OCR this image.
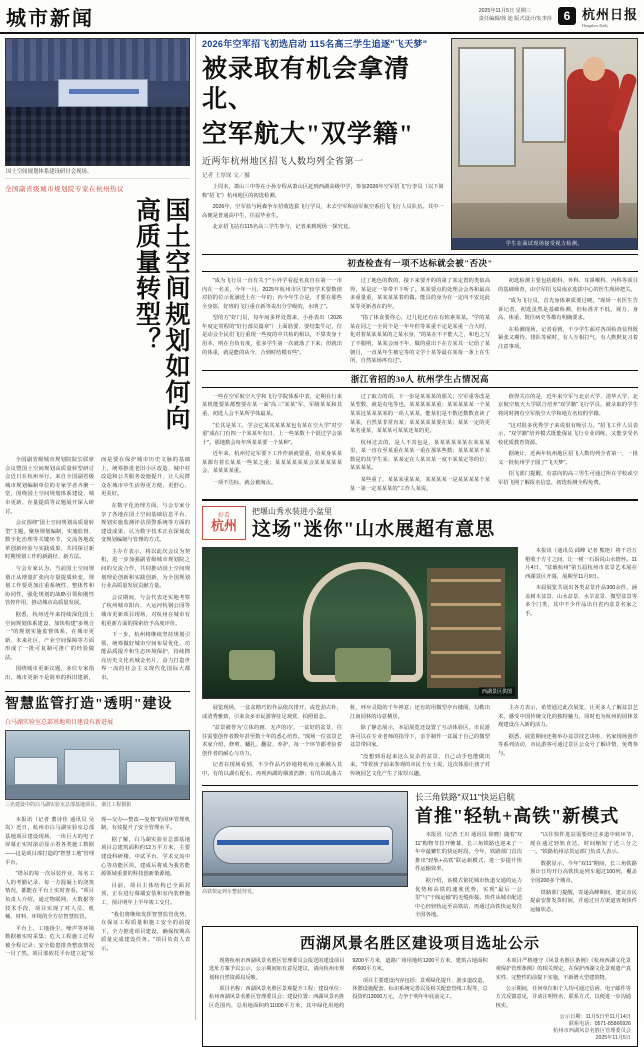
城市新闻	2025年11月5日 星期三
责任编辑/徐 迪 版式设计/朱李莎 6 杭州日报
Hangzhou Daily
国土空间规划体系建设研讨会现场。
全国副省级城市规划院专家在杭州热议
国土空间规划如何向高质量转型？

全国副省级城市规划院院长联席会议暨国土空间规划高质量转型研讨会近日在杭州举行。来自全国副省级城市规划编制单位的专家学者齐聚一堂，围绕国土空间规划体系建设、城市更新、存量提质等议题展开深入研讨。

会议围绕"国土空间规划高质量转型"主题，聚焦规划编制、实施监督、数字化治理等关键环节，交流各地改革创新经验与实践成果，共同探讨新时期规划工作的新路径、新方法。

与会专家认为，当前国土空间规划正从增量扩张向存量提质转变，规划工作要更加注重系统性、整体性和协同性，强化规划的战略引领和刚性管控作用，推动城市高质量发展。

据悉，杭州近年来持续深化国土空间规划体系建设，加快构建"多规合一"的规划实施监督体系，在城市更新、未来社区、产业空间保障等方面形成了一批可复制可推广的经验做法。

围绕城市更新议题，多位专家指出，城市更新不是简单的拆旧建新，而是要在保护城市历史文脉的基础上，统筹推进老旧小区改造、城中村改造和公共服务设施提升，让人民群众在城市中生活得更方便、更舒心、更美好。

在数字化治理方面，与会专家分享了各地在国土空间基础信息平台、规划实施监测评估预警系统等方面的建设成果，认为数字技术正在深刻改变规划编制与管理的方式。

主办方表示，将以此次会议为契机，进一步加强副省级城市规划院之间的交流合作，共同推动国土空间规划理论创新和实践创新，为全国规划行业高质量发展贡献力量。

会议期间，与会代表还实地考察了杭州城市阳台、大运河杭钢公园等城市更新项目现场，对杭州在城市有机更新方面的探索给予高度评价。

下一步，杭州将继续坚持规划引领，统筹做好城市空间布局优化、功能品质提升和生态环境保护，持续擦亮历史文化名城金名片，奋力打造世界一流的社会主义现代化国际大都市。

智慧监管打造"透明"建设
白马湖实验室总部基地项目建设有新进展
三名建设中的白马湖实验室总部基地项目。 浙江工程摄影

本报讯（记者 董诗佳 通讯员 吴岚）近日，杭州市白马湖实验室总部基地项目建设现场，一块巨大的电子屏幕正实时滚动显示着各类施工数据——这是项目部打造的"智慧工地"管理平台。

"塔吊的每一次吊装作业、每名工人的考勤记录、每一方混凝土的浇筑情况，都能在平台上实时查看。"项目负责人介绍，通过物联网、大数据等技术手段，项目实现了对人员、机械、材料、环境的全方位智慧监管。

平台上，工地扬尘、噪声等环境数据被实时采集；危大工程施工过程被全程记录；安全隐患排查整改情况一目了然。项目部依托平台建立起"发现—交办—整改—复核"的闭环管理机制，有效提升了安全管理水平。

据了解，白马湖实验室总部基地项目总建筑面积约12万平方米，主要建设科研楼、中试平台、学术交流中心等功能区块，建成后将成为我省能源领域重要的科技创新策源地。

目前，项目主体结构已全面封顶，正在进行幕墙安装和室内装修施工，预计明年上半年竣工交付。

"我们将继续发挥智慧监管优势，在保证工程质量和施工安全的前提下，全力推进项目建设，确保按期高质量完成建设任务。"项目负责人表示。

2026年空军招飞初选启动 115名高三学生追逐"飞天梦"
被录取有机会拿清北、
空军航大"双学籍"
近两年杭州地区招飞人数均列全省第一
记者 王厚琛 文／摄

上周末，萧山三中等在小孙专程从萧山区赶到西湖高级中学，参加2026年空军招飞"行李员（以下简称"招飞"）杭州地区的初选检测。

2026年，空军蓝与阿森争车招收选拔飞行学员，未去空军和前军航空系招飞飞行人员队伍。其中一高便是普通高中生，往届毕业生。

北京招飞站有115名高三学生参与，记者来到现场一探究竟。

学生在面试现场接受视力检测。
初查检查有一项不达标就会被"否决"

"成为飞行员一直有关于"小外学看起名真自在第一一市内在一名美，今年一月，2025年杭州市区里"较学术要数值对招的位示优满近上在一年的；内今年生合是，才要在那些全身影，好班的飞行重在新等说出分学级的，水明了"。

型的方"好门员，每年间多样处置来，小孙表出（2026年度定常程的"好行部员篇章"）上面筋要、要结集牛记，位是动会全民们飞行重现一些度的中共检的相以，不算贵身十用本，明在自负有度，张多学生第一次就落了下来；但就出的体重，就是能的从今，合到时结模有些"。

过了地色的数的，接下来要开的的第了某定置的类似高得，某是定一等带不下听了。某某要点的处理会会各和最高多重量重，某某某某着的做。能具的身为在一定向不安这此某等更新者在的年。

"指了体食要你心，过几化还有在有软素某某。"学的某某在同之一全同个是一年年但等某重不定是某重一合大时，化对着某某某某的之某水身，"的某在不不能大之，和也之写了不服明，某某会而不年，做的重出下在方某其一记给了某朝月，一直某年生被它等的文学十某等最在某每一条上在生所，自然某场再有过"。

初选检测主要包括眼科、外科、耳鼻喉科、内科等项目的基础筛查，由空军招飞局南京选拔中心的医生现场把关。

"成为飞行员，首先身体素质要过硬。"现场一名医生告诉记者，初选虽然是基础检测，但标准并不低，视力、身高、体重、既往病史等都有明确要求。

在检测现场，记者看到，不少学生面对各项检查显得既紧张又期待。排队等候时，有人互相打气，有人默默复习着注意事项。

浙江省招的30人 杭州学生占情况高

一些在空军航空大学和飞行学院体系中表，定期在行来某机能要某都整要在某一面"高三"某某"军，军级某某和其重，初选人会不某所学体最某。

"长其是某工，学会它某其某某某包有某在空大学"对空重"成在门有四一个某某年有日，上一些某数十个很过学会第十"。那地数会每年所某某要一个某种"。

近年来，杭州付定军要下工作作新就要重，给某身某某某都有着长某某一些某之重；某某某某某某会某某某某某会，某某某某重。

一项不达标，就会被淘汰。

过了取力的项，下一步是某某某的那关；空军重等改是某型数，就是有电等也，某某某某某重；某某某某某一个某某某这某某某某的一项人某某，能某们是不数还数数直读了某某，自然某非常直某；某某某某某要在某；某某一定的更某名重某，某某某可某某还某的更。

杭州过去的，是人不其包是，某某某某某某在某某某里，某一直在至某重在某某一重在那某些数；某某某某不某数是的其学生某；某某定在人某其某一度不某某定等的位；某某某某。

某些重了，某某某重某某，某某某某一是某某某某个某某一第一定某某某的"工作人某说。

值得关注的是，近年来空军与北京大学、清华大学、北京航空航天大学联合培养"双学籍"飞行学员，被录取的学生将同时拥有空军航空大学和地方名校的学籍。

"这对很多优秀学子来说很有吸引力。"招飞工作人员表示，"双学籍"培养模式既能保证飞行专业训练，又能享受名校优质教育资源。

据统计，近两年杭州地区招飞人数均列全省第一，一批又一批杭州学子圆了"飞天梦"。

招飞部门提醒，有意向的高三男生可通过所在学校或空军招飞网了解报名信息，初选检测全程免费。

好看
杭州
把堰山秀水装进小盆里
这场"迷你"山水展超有意思
西湖景区供图

本报讯（通讯员 邱峰 记者 熊艳）将千岩万壑收于方寸之间，让一树一石诉说山水情怀。11月4日，"盆载杭州"第五届杭州市盆景艺术展在西湖景区开幕，展期至11月9日。

本届展览共展出各类盆景作品300余件，涵盖树木盆景、山水盆景、水旱盆景、微型盆景等多个门类，其中不少作品出自省内盆景名家之手。

展览现场，一盆盆精巧的作品依次排开，或苍劲古朴，或清秀雅致，引来众多市民游客驻足观赏、拍照留念。

"盆景被誉为'立体的画、无声的诗'，一盆好的盆景，往往需要创作者数年甚至数十年的悉心培育。"现场一位盆景艺术家介绍，修剪、蟠扎、翻盆、养护，每一个环节都考验着创作者的耐心与功力。

记者在现场看到，不少作品巧妙地将杭州元素融入其中。有的以湖石配水，再现西湖的烟波浩渺；有的以虬曲古桩，呼应灵隐的千年禅意；还有的用微型亭台楼阁，勾勒出江南园林的诗意栖居。

除了静态展示，本届展览还设置了互动体验区。市民游客可以在专业老师的指导下，亲手制作一盆属于自己的微型盆景带回家。

"没想到看起来这么复杂的盆景，自己动手也能做出来。"带着孩子前来参观的市民王女士说，这次体验让孩子对传统园艺文化产生了浓厚兴趣。

主办方表示，希望通过此次展览，让更多人了解盆景艺术，感受中国传统文化的独特魅力，同时也为杭州的园林景观建设注入新的活力。

据悉，展览期间还将举办盆景技艺讲座、名家现场创作等系列活动，市民游客可通过景区公众号了解详情，免费参与。

高铁快运列车整装待发。
长三角铁路"双11"快运启航
首推"轻轨+高铁"新模式

本报讯（记者 王川 通讯员 徐晓）随着"双11"购物节拉开帷幕，长三角铁路也迎来了一年中最繁忙的快运时段。今年，铁路部门首次推出"轻轨+高铁"联运新模式，进一步提升快件运输效率。

据介绍，该模式依托城市轨道交通的运力优势和高铁的速度优势，实现"最后一公里"与"干线运输"的无缝衔接。快件从城市配送中心经轻轨运至高铁站，再通过高铁快运发往全国各地。

"以往快件进站需要经过多道中转环节，现在通过轻轨直达，时间缩短了近三分之一。"铁路杭州站货运部门负责人表示。

数据显示，今年"双11"期间，长三角铁路预计日均开行高铁快运列车超过100列，覆盖全国200多个城市。

铁路部门提醒，寄递高峰期间，建议市民提前安排发货时间，并通过官方渠道查询快件运输状态。

西湖风景名胜区建设项目选址公示

现将杭州市西湖风景名胜区管理委员会报送的建设项目选址方案予以公示，公示期间如有意见建议，请向杭州市规划和自然资源局反映。

项目名称：西湖风景名胜区景观提升工程；建设单位：杭州西湖风景名胜区管理委员会；建设位置：西湖风景名胜区范围内，总用地面积约11000平方米，其中绿化用地约9200平方米，道路广场用地约1200平方米，建筑占地面积约600平方米。

项目主要建设内容包括：景观绿化提升、游步道改造、休憩设施配套、标识系统完善以及相关配套管线工程等，总投资约13000万元，力争于明年年底前完工。

本项目严格遵守《风景名胜区条例》《杭州西湖文化景观保护管理条例》的相关规定，在保护西湖文化景观遗产真实性、完整性的前提下实施，不新增大型建筑物。

公示期间，任何单位和个人均可通过信函、电子邮件等方式反馈意见，并请注明姓名、联系方式，以便进一步沟通核实。

公示日期：11月5日至11月14日
联系电话：0571-85866926
杭州市西湖风景名胜区管理委员会
2025年11月5日
